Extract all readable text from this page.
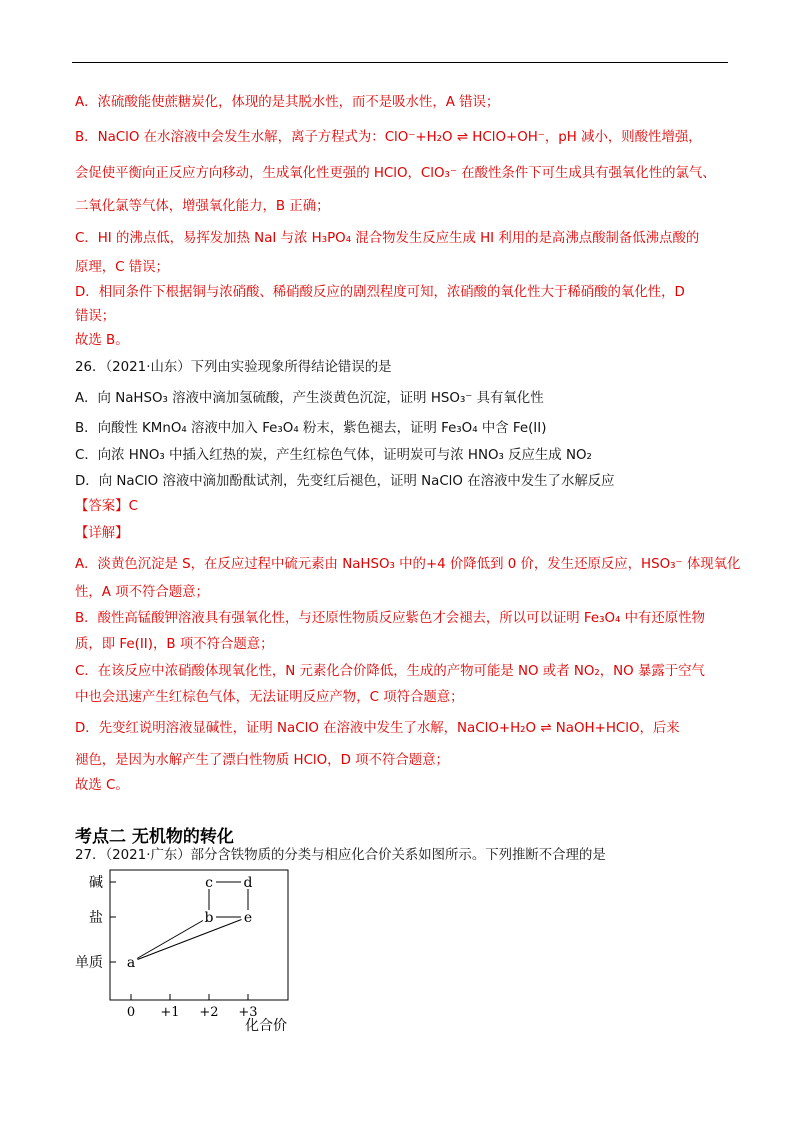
A．浓硫酸能使蔗糖炭化，体现的是其脱水性，而不是吸水性，A 错误；
B．NaClO 在水溶液中会发生水解，离子方程式为：ClO⁻+H₂O ⇌ HClO+OH⁻，pH 减小，则酸性增强，
会促使平衡向正反应方向移动，生成氧化性更强的 HClO，ClO₃⁻ 在酸性条件下可生成具有强氧化性的氯气、
二氧化氯等气体，增强氧化能力，B 正确；
C．HI 的沸点低，易挥发加热 NaI 与浓 H₃PO₄ 混合物发生反应生成 HI 利用的是高沸点酸制备低沸点酸的
原理，C 错误；
D．相同条件下根据铜与浓硝酸、稀硝酸反应的剧烈程度可知，浓硝酸的氧化性大于稀硝酸的氧化性，D
错误；
故选 B。
26．（2021·山东）下列由实验现象所得结论错误的是
A．向 NaHSO₃ 溶液中滴加氢硫酸，产生淡黄色沉淀，证明 HSO₃⁻ 具有氧化性
B．向酸性 KMnO₄ 溶液中加入 Fe₃O₄ 粉末，紫色褪去，证明 Fe₃O₄ 中含 Fe(II)
C．向浓 HNO₃ 中插入红热的炭，产生红棕色气体，证明炭可与浓 HNO₃ 反应生成 NO₂
D．向 NaClO 溶液中滴加酚酞试剂，先变红后褪色，证明 NaClO 在溶液中发生了水解反应
【答案】C
【详解】
A．淡黄色沉淀是 S，在反应过程中硫元素由 NaHSO₃ 中的+4 价降低到 0 价，发生还原反应，HSO₃⁻ 体现氧化
性，A 项不符合题意；
B．酸性高锰酸钾溶液具有强氧化性，与还原性物质反应紫色才会褪去，所以可以证明 Fe₃O₄ 中有还原性物
质，即 Fe(II)，B 项不符合题意；
C．在该反应中浓硝酸体现氧化性，N 元素化合价降低，生成的产物可能是 NO 或者 NO₂，NO 暴露于空气
中也会迅速产生红棕色气体，无法证明反应产物，C 项符合题意；
D．先变红说明溶液显碱性，证明 NaClO 在溶液中发生了水解，NaClO+H₂O ⇌ NaOH+HClO，后来
褪色，是因为水解产生了漂白性物质 HClO，D 项不符合题意；
故选 C。
考点二 无机物的转化
27．（2021·广东）部分含铁物质的分类与相应化合价关系如图所示。下列推断不合理的是
单质
盐
碱
0 +1 +2 +3
a
b
c d
e
化合价
